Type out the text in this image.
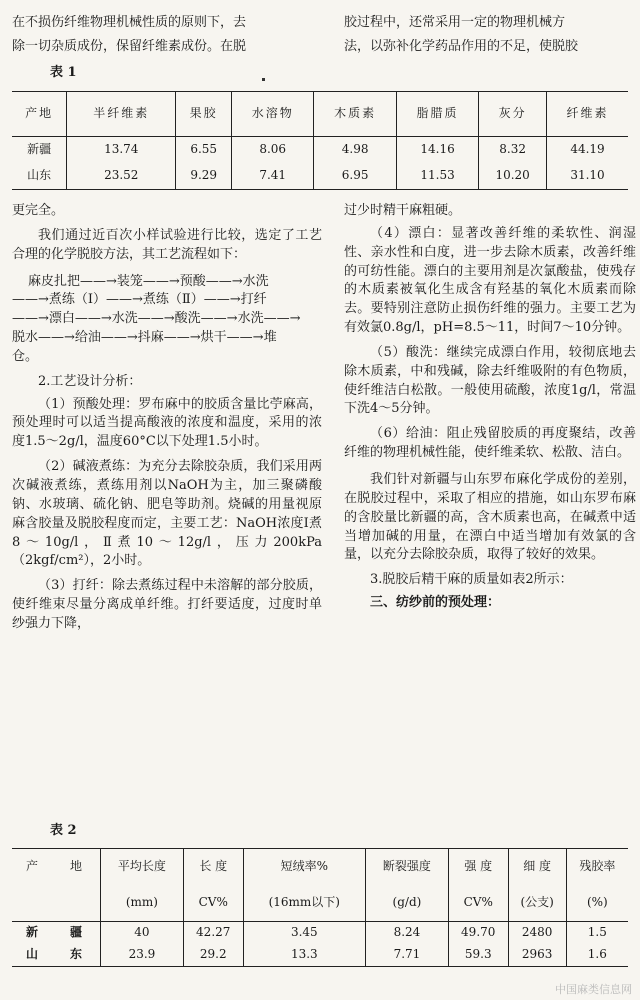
在不损伤纤维物理机械性质的原则下，去

除一切杂质成份，保留纤维素成份。在脱

胶过程中，还常采用一定的物理机械方

法，以弥补化学药品作用的不足，使脱胶

表 1
产地	半纤维素	果胶	水溶物	木质素	脂腊质	灰分	纤维素
新疆	13.74	6.55	8.06	4.98	14.16	8.32	44.19
山东	23.52	9.29	7.41	6.95	11.53	10.20	31.10

更完全。

我们通过近百次小样试验进行比较，选定了工艺合理的化学脱胶方法，其工艺流程如下：

麻皮扎把——→装笼——→预酸——→水洗

——→煮练（Ⅰ）——→煮练（Ⅱ）——→打纤

——→漂白——→水洗——→酸洗——→水洗——→

脱水——→给油——→抖麻——→烘干——→堆

仓。

2.工艺设计分析：

（1）预酸处理：罗布麻中的胶质含量比苧麻高，预处理时可以适当提高酸液的浓度和温度，采用的浓度1.5～2g/l，温度60°C以下处理1.5小时。

（2）碱液煮练：为充分去除胶杂质，我们采用两次碱液煮练，煮练用剂以NaOH为主，加三聚磷酸钠、水玻璃、硫化钠、肥皂等助剂。烧碱的用量视原麻含胶量及脱胶程度而定，主要工艺：NaOH浓度Ⅰ煮8～10g/l，Ⅱ煮10～12g/l，压力200kPa（2kgf/cm²），2小时。

（3）打纤：除去煮练过程中未溶解的部分胶质，使纤维束尽量分离成单纤维。打纤要适度，过度时单纱强力下降，

过少时精干麻粗硬。

（4）漂白：显著改善纤维的柔软性、润湿性、亲水性和白度，进一步去除木质素，改善纤维的可纺性能。漂白的主要用剂是次氯酸盐，使残存的木质素被氧化生成含有羟基的氧化木质素而除去。要特别注意防止损伤纤维的强力。主要工艺为有效氯0.8g/l，pH=8.5～11，时间7～10分钟。

（5）酸洗：继续完成漂白作用，较彻底地去除木质素，中和残碱，除去纤维吸附的有色物质，使纤维洁白松散。一般使用硫酸，浓度1g/l，常温下洗4～5分钟。

（6）给油：阻止残留胶质的再度聚结，改善纤维的物理机械性能，使纤维柔软、松散、洁白。

我们针对新疆与山东罗布麻化学成份的差别，在脱胶过程中，采取了相应的措施，如山东罗布麻的含胶量比新疆的高，含木质素也高，在碱煮中适当增加碱的用量，在漂白中适当增加有效氯的含量，以充分去除胶杂质，取得了较好的效果。

3.脱胶后精干麻的质量如表2所示：

三、纺纱前的预处理：

表 2
产	地	平均长度	长 度	短绒率%	断裂强度	强 度	细 度	残胶率
		(mm)	CV%	(16mm以下)	(g/d)	CV%	(公支)	(%)
新	疆	40	42.27	3.45	8.24	49.70	2480	1.5
山	东	23.9	29.2	13.3	7.71	59.3	2963	1.6
中国麻类信息网
